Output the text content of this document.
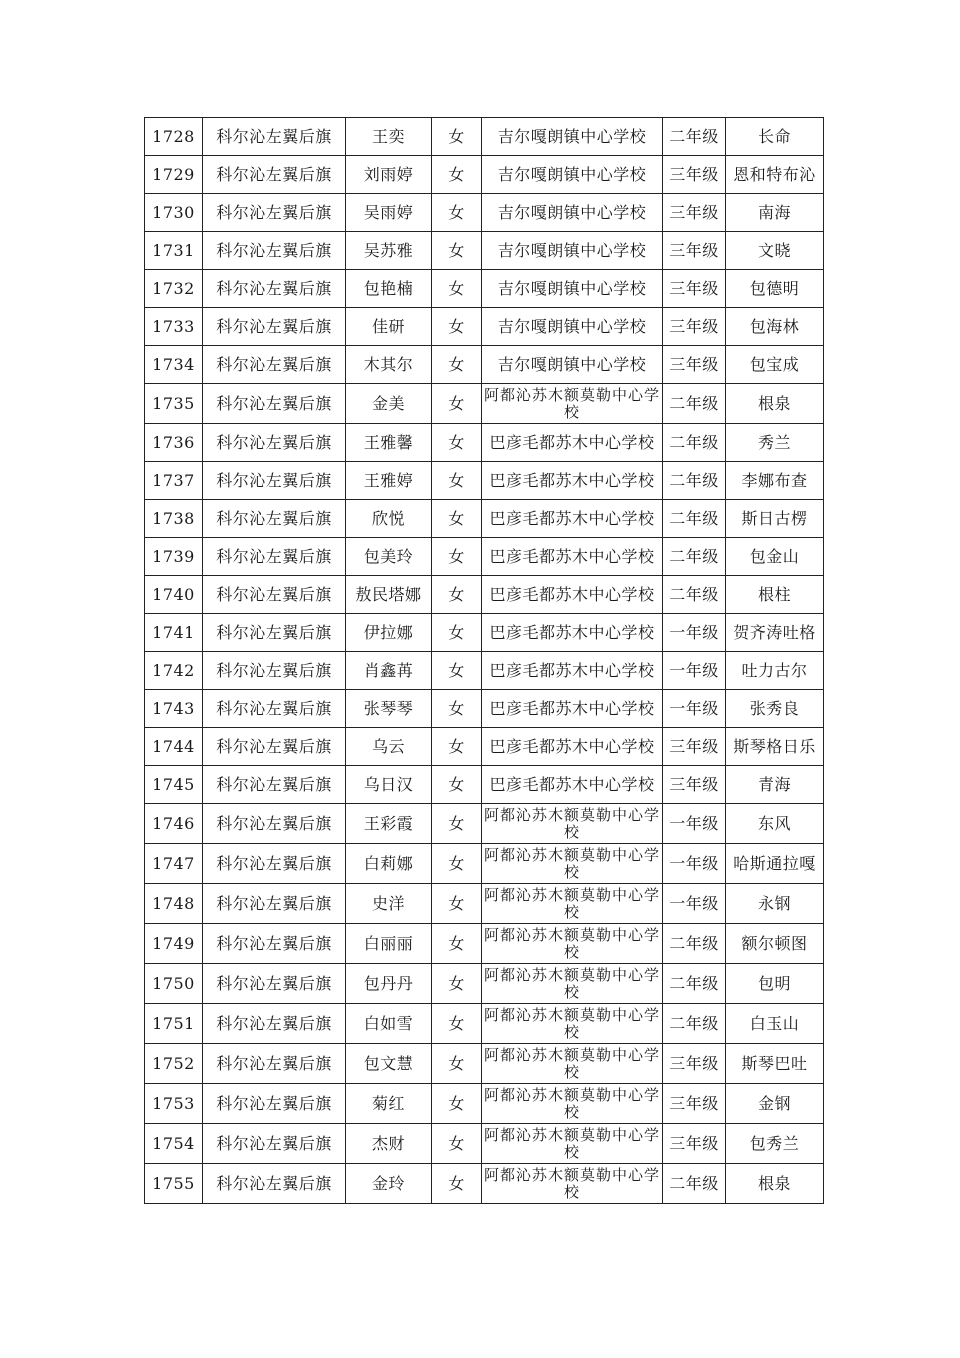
1728	科尔沁左翼后旗	王奕	女	吉尔嘎朗镇中心学校	二年级	长命
1729	科尔沁左翼后旗	刘雨婷	女	吉尔嘎朗镇中心学校	三年级	恩和特布沁
1730	科尔沁左翼后旗	吴雨婷	女	吉尔嘎朗镇中心学校	三年级	南海
1731	科尔沁左翼后旗	吴苏雅	女	吉尔嘎朗镇中心学校	三年级	文晓
1732	科尔沁左翼后旗	包艳楠	女	吉尔嘎朗镇中心学校	三年级	包德明
1733	科尔沁左翼后旗	佳研	女	吉尔嘎朗镇中心学校	三年级	包海林
1734	科尔沁左翼后旗	木其尔	女	吉尔嘎朗镇中心学校	三年级	包宝成
1735	科尔沁左翼后旗	金美	女	阿都沁苏木额莫勒中心学校	二年级	根泉
1736	科尔沁左翼后旗	王雅馨	女	巴彦毛都苏木中心学校	二年级	秀兰
1737	科尔沁左翼后旗	王雅婷	女	巴彦毛都苏木中心学校	二年级	李娜布查
1738	科尔沁左翼后旗	欣悦	女	巴彦毛都苏木中心学校	二年级	斯日古楞
1739	科尔沁左翼后旗	包美玲	女	巴彦毛都苏木中心学校	二年级	包金山
1740	科尔沁左翼后旗	敖民塔娜	女	巴彦毛都苏木中心学校	二年级	根柱
1741	科尔沁左翼后旗	伊拉娜	女	巴彦毛都苏木中心学校	一年级	贺齐涛吐格
1742	科尔沁左翼后旗	肖鑫苒	女	巴彦毛都苏木中心学校	一年级	吐力古尔
1743	科尔沁左翼后旗	张琴琴	女	巴彦毛都苏木中心学校	一年级	张秀良
1744	科尔沁左翼后旗	乌云	女	巴彦毛都苏木中心学校	三年级	斯琴格日乐
1745	科尔沁左翼后旗	乌日汉	女	巴彦毛都苏木中心学校	三年级	青海
1746	科尔沁左翼后旗	王彩霞	女	阿都沁苏木额莫勒中心学校	一年级	东风
1747	科尔沁左翼后旗	白莉娜	女	阿都沁苏木额莫勒中心学校	一年级	哈斯通拉嘎
1748	科尔沁左翼后旗	史洋	女	阿都沁苏木额莫勒中心学校	一年级	永钢
1749	科尔沁左翼后旗	白丽丽	女	阿都沁苏木额莫勒中心学校	二年级	额尔顿图
1750	科尔沁左翼后旗	包丹丹	女	阿都沁苏木额莫勒中心学校	二年级	包明
1751	科尔沁左翼后旗	白如雪	女	阿都沁苏木额莫勒中心学校	二年级	白玉山
1752	科尔沁左翼后旗	包文慧	女	阿都沁苏木额莫勒中心学校	三年级	斯琴巴吐
1753	科尔沁左翼后旗	菊红	女	阿都沁苏木额莫勒中心学校	三年级	金钢
1754	科尔沁左翼后旗	杰财	女	阿都沁苏木额莫勒中心学校	三年级	包秀兰
1755	科尔沁左翼后旗	金玲	女	阿都沁苏木额莫勒中心学校	二年级	根泉
